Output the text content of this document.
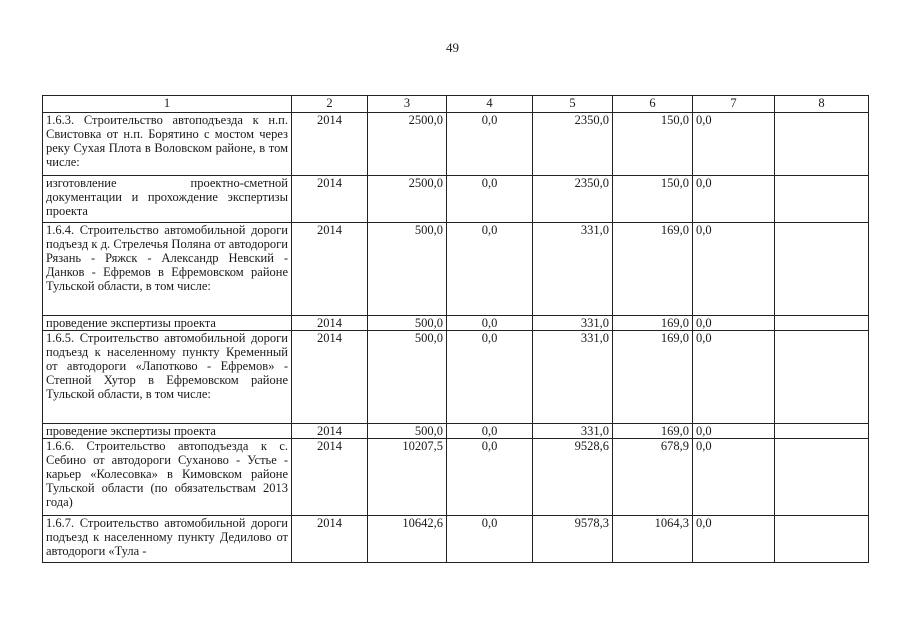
49
1	2	3	4	5	6	7	8
1.6.3. Строительство автоподъезда к н.п. Свистовка от н.п. Борятино с мостом через реку Сухая Плота в Воловском районе, в том числе:	2014	2500,0	0,0	2350,0	150,0	0,0	
изготовление проектно-сметной документации и прохождение экспертизы проекта	2014	2500,0	0,0	2350,0	150,0	0,0	
1.6.4. Строительство автомобильной дороги подъезд к д. Стрелечья Поляна от автодороги Рязань - Ряжск - Александр Невский - Данков - Ефремов в Ефремовском районе Тульской области, в том числе:	2014	500,0	0,0	331,0	169,0	0,0	
проведение экспертизы проекта	2014	500,0	0,0	331,0	169,0	0,0	
1.6.5. Строительство автомобильной дороги подъезд к населенному пункту Кременный от автодороги «Лапотково - Ефремов» - Степной Хутор в Ефремовском районе Тульской области, в том числе:	2014	500,0	0,0	331,0	169,0	0,0	
проведение экспертизы проекта	2014	500,0	0,0	331,0	169,0	0,0	
1.6.6. Строительство автоподъезда к с. Себино от автодороги Суханово - Устье - карьер «Колесовка» в Кимовском районе Тульской области (по обязательствам 2013 года)	2014	10207,5	0,0	9528,6	678,9	0,0	
1.6.7. Строительство автомобильной дороги подъезд к населенному пункту Дедилово от автодороги «Тула -	2014	10642,6	0,0	9578,3	1064,3	0,0	
